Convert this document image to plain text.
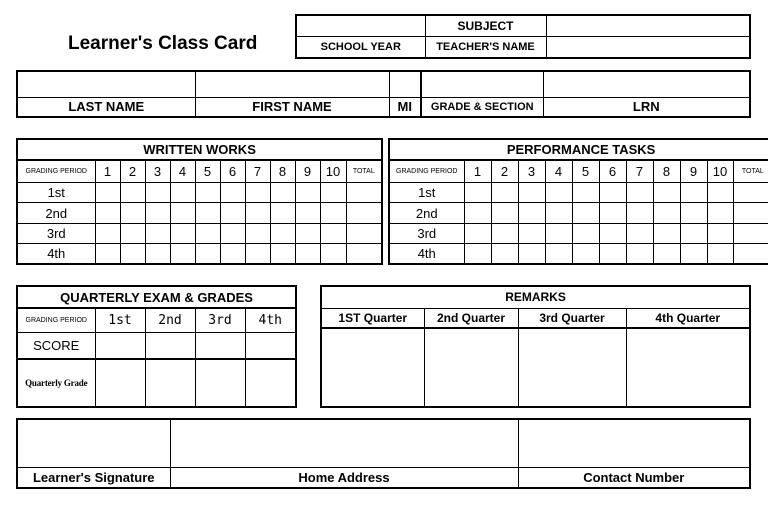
Learner's Class Card
	SUBJECT	
SCHOOL YEAR	TEACHER'S NAME	

LAST NAME	FIRST NAME	MI	GRADE & SECTION	LRN
WRITTEN WORKS											
GRADING PERIOD	1	2	3	4	5	6	7	8	9	10	TOTAL
1st											
2nd											
3rd											
4th											
PERFORMANCE TASKS											
GRADING PERIOD	1	2	3	4	5	6	7	8	9	10	TOTAL
1st											
2nd											
3rd											
4th											
QUARTERLY EXAM & GRADES				
GRADING PERIOD	1st	2nd	3rd	4th
SCORE				
Quarterly Grade				
REMARKS			
1ST Quarter	2nd Quarter	3rd Quarter	4th Quarter

Learner's Signature	Home Address	Contact Number
